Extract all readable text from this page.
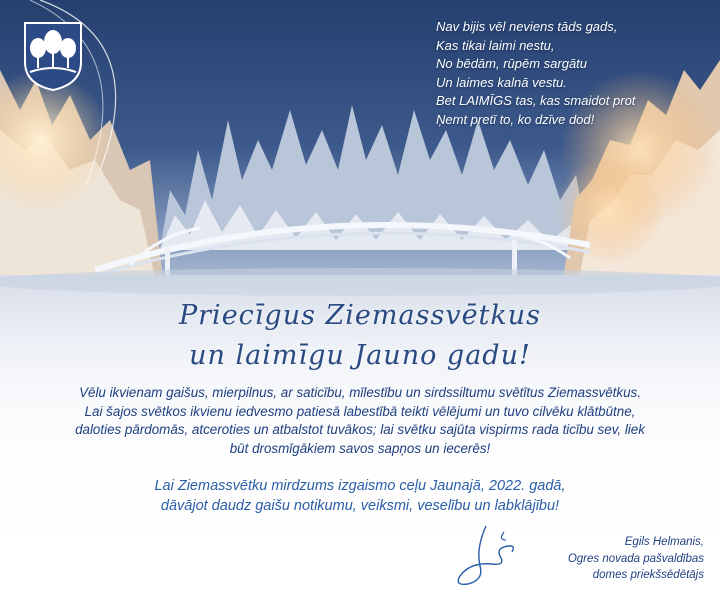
Nav bijis vēl neviens tāds gads,
Kas tikai laimi nestu,
No bēdām, rūpēm sargātu
Un laimes kalnā vestu.
Bet LAIMĪGS tas, kas smaidot prot
Ņemt pretī to, ko dzīve dod!
Priecīgus Ziemassvētkus
un laimīgu Jauno gadu!
Vēlu ikvienam gaišus, mierpilnus, ar saticību, mīlestību un sirdssiltumu svētītus Ziemassvētkus.
Lai šajos svētkos ikvienu iedvesmo patiesā labestībā teikti vēlējumi un tuvo cilvēku klātbūtne,
daloties pārdomās, atceroties un atbalstot tuvākos; lai svētku sajūta vispirms rada ticību sev, liek
būt drosmīgākiem savos sapņos un iecerēs!
Lai Ziemassvētku mirdzums izgaismo ceļu Jaunajā, 2022. gadā,
dāvājot daudz gaišu notikumu, veiksmi, veselību un labklājību!
Egils Helmanis,
Ogres novada pašvaldības
domes priekšsēdētājs
